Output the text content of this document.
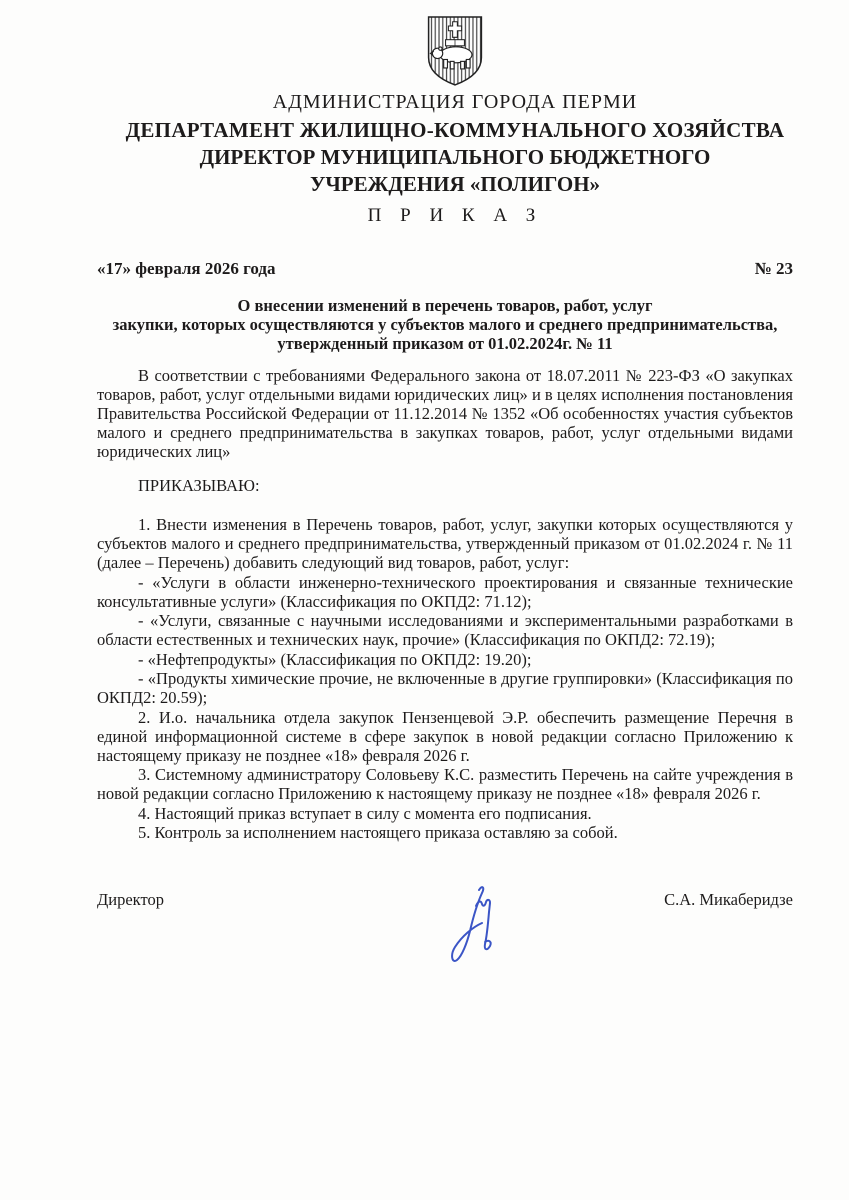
АДМИНИСТРАЦИЯ ГОРОДА ПЕРМИ
ДЕПАРТАМЕНТ ЖИЛИЩНО-КОММУНАЛЬНОГО ХОЗЯЙСТВА
ДИРЕКТОР МУНИЦИПАЛЬНОГО БЮДЖЕТНОГО
УЧРЕЖДЕНИЯ «ПОЛИГОН»
П Р И К А З
«17» февраля 2026 года	№ 23
О внесении изменений в перечень товаров, работ, услуг
закупки, которых осуществляются у субъектов малого и среднего предпринимательства,
утвержденный приказом от 01.02.2024г. № 11

В соответствии с требованиями Федерального закона от 18.07.2011 № 223-ФЗ «О закупках товаров, работ, услуг отдельными видами юридических лиц» и в целях исполнения постановления Правительства Российской Федерации от 11.12.2014 № 1352 «Об особенностях участия субъектов малого и среднего предпринимательства в закупках товаров, работ, услуг отдельными видами юридических лиц»

ПРИКАЗЫВАЮ:

1. Внести изменения в Перечень товаров, работ, услуг, закупки которых осуществляются у субъектов малого и среднего предпринимательства, утвержденный приказом от 01.02.2024 г. № 11 (далее – Перечень) добавить следующий вид товаров, работ, услуг:

- «Услуги в области инженерно-технического проектирования и связанные технические консультативные услуги» (Классификация по ОКПД2: 71.12);

- «Услуги, связанные с научными исследованиями и экспериментальными разработками в области естественных и технических наук, прочие» (Классификация по ОКПД2: 72.19);

- «Нефтепродукты» (Классификация по ОКПД2: 19.20);

- «Продукты химические прочие, не включенные в другие группировки» (Классификация по ОКПД2: 20.59);

2. И.о. начальника отдела закупок Пензенцевой Э.Р. обеспечить размещение Перечня в единой информационной системе в сфере закупок в новой редакции согласно Приложению к настоящему приказу не позднее «18» февраля 2026 г.

3. Системному администратору Соловьеву К.С. разместить Перечень на сайте учреждения в новой редакции согласно Приложению к настоящему приказу не позднее «18» февраля 2026 г.

4. Настоящий приказ вступает в силу с момента его подписания.

5. Контроль за исполнением настоящего приказа оставляю за собой.

Директор	С.А. Микаберидзе
